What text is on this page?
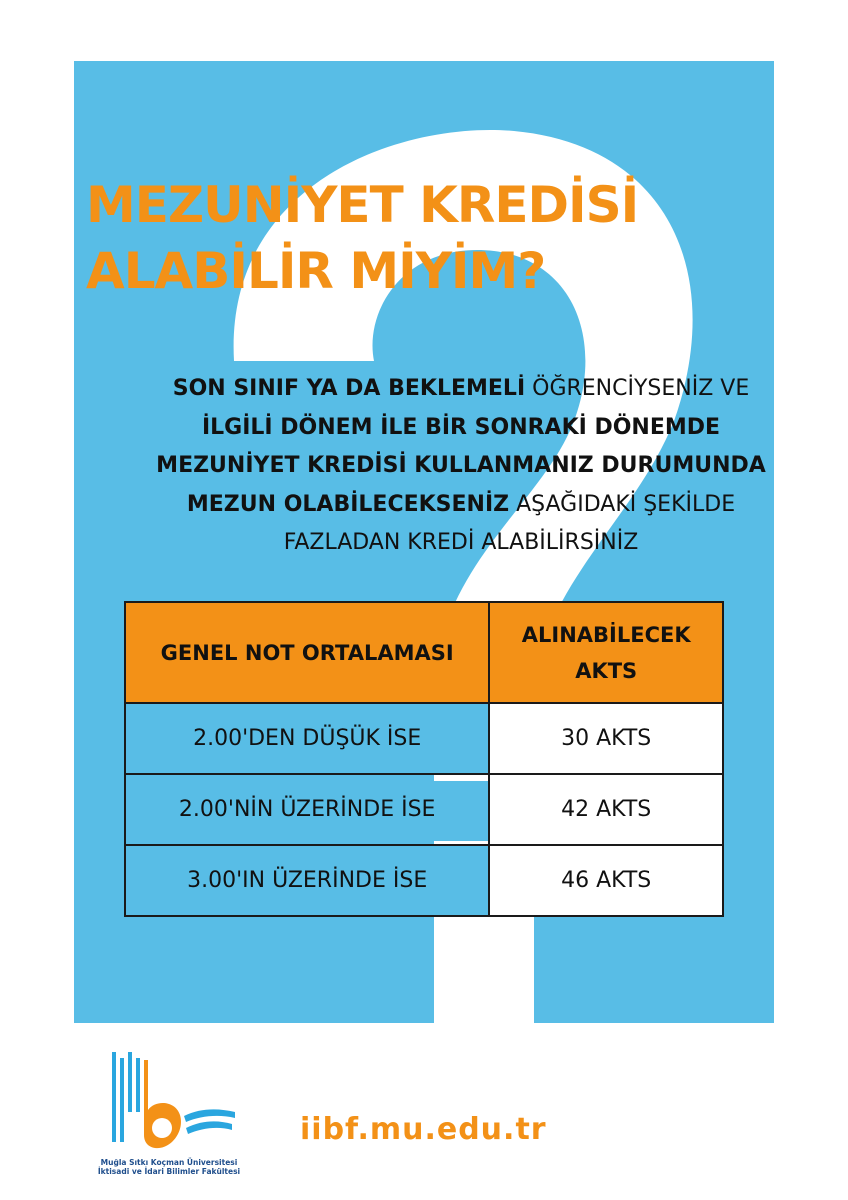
MEZUNİYET KREDİSİ
ALABİLİR MİYİM?
SON SINIF YA DA BEKLEMELİ ÖĞRENCİYSENİZ VE
İLGİLİ DÖNEM İLE BİR SONRAKİ DÖNEMDE
MEZUNİYET KREDİSİ KULLANMANIZ DURUMUNDA
MEZUN OLABİLECEKSENİZ AŞAĞIDAKİ ŞEKİLDE
FAZLADAN KREDİ ALABİLİRSİNİZ
GENEL NOT ORTALAMASI	ALINABİLECEK AKTS
2.00'DEN DÜŞÜK İSE	30 AKTS
2.00'NİN ÜZERİNDE İSE	42 AKTS
3.00'IN ÜZERİNDE İSE	46 AKTS
Muğla Sıtkı Koçman Üniversitesi
İktisadi ve İdari Bilimler Fakültesi
iibf.mu.edu.tr
